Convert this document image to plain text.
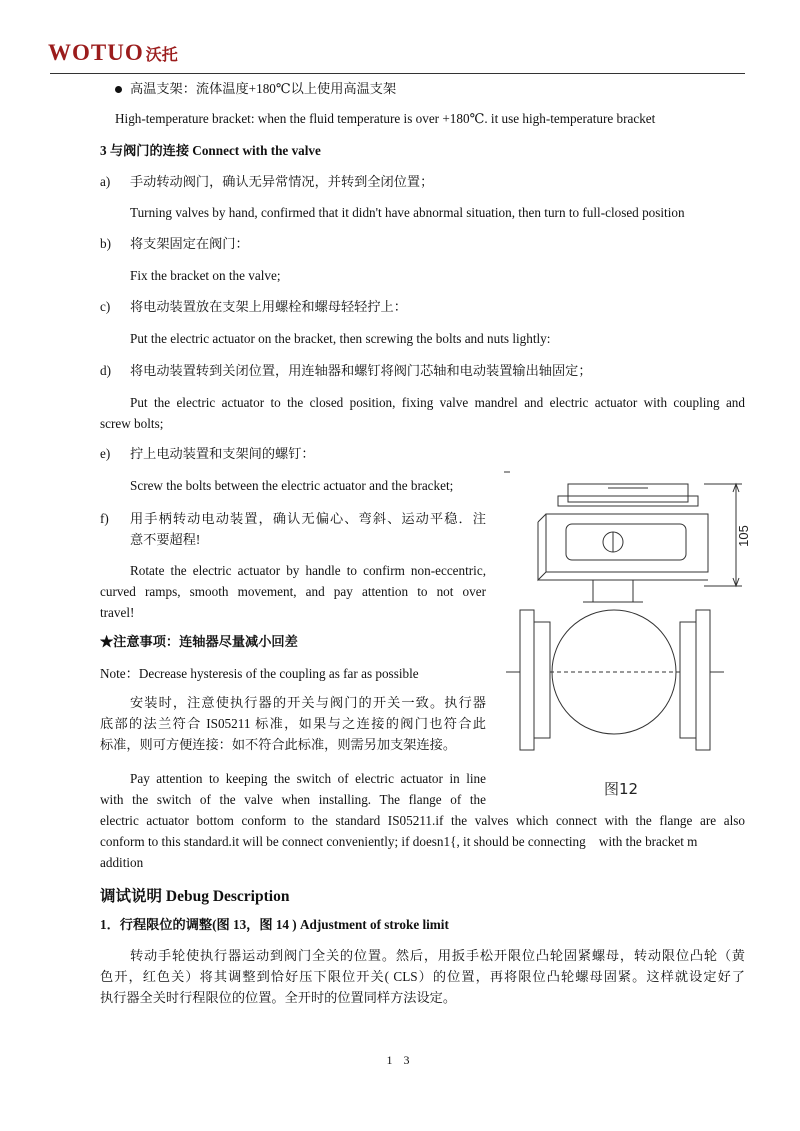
WOTUO 沃托
高温支架：流体温度+180℃以上使用高温支架
High-temperature bracket: when the fluid temperature is over +180℃. it use high-temperature bracket
3 与阀门的连接 Connect with the valve
a) 手动转动阀门，确认无异常情况，并转到全闭位置；
Turning valves by hand, confirmed that it didn't have abnormal situation, then turn to full-closed position
b) 将支架固定在阀门：
Fix the bracket on the valve;
c) 将电动装置放在支架上用螺栓和螺母轻轻拧上：
Put the electric actuator on the bracket, then screwing the bolts and nuts lightly:
d) 将电动装置转到关闭位置，用连轴器和螺钉将阀门芯轴和电动装置输出轴固定；
Put the electric actuator to the closed position, fixing valve mandrel and electric actuator with coupling and
screw bolts;
e) 拧上电动装置和支架间的螺钉：
Screw the bolts between the electric actuator and the bracket;
f) 用手柄转动电动装置，确认无偏心、弯斜、运动平稳．注
意不要超程!
Rotate the electric actuator by handle to confirm non-eccentric,
curved ramps, smooth movement, and pay attention to not over
travel!
★注意事项：连轴器尽量减小回差
Note：Decrease hysteresis of the coupling as far as possible
安装时，注意使执行器的开关与阀门的开关一致。执行器
底部的法兰符合 IS05211 标准，如果与之连接的阀门也符合此
标准，则可方便连接：如不符合此标准，则需另加支架连接。
Pay attention to keeping the switch of electric actuator in line
with the switch of the valve when installing. The flange of the
electric actuator bottom conform to the standard IS05211.if the valves which connect with the flange are also
conform to this standard.it will be connect conveniently; if doesn1{, it should be connecting    with the bracket m
addition
调试说明 Debug Description
1．行程限位的调整(图 13，图 14 ) Adjustment of stroke limit
转动手轮使执行器运动到阀门全关的位置。然后，用扳手松开限位凸轮固紧螺母，转动限位凸轮（黄
色开，红色关）将其调整到恰好压下限位开关( CLS）的位置，再将限位凸轮螺母固紧。这样就设定好了
执行器全关时行程限位的位置。全开时的位置同样方法设定。
105
图12
1 3
